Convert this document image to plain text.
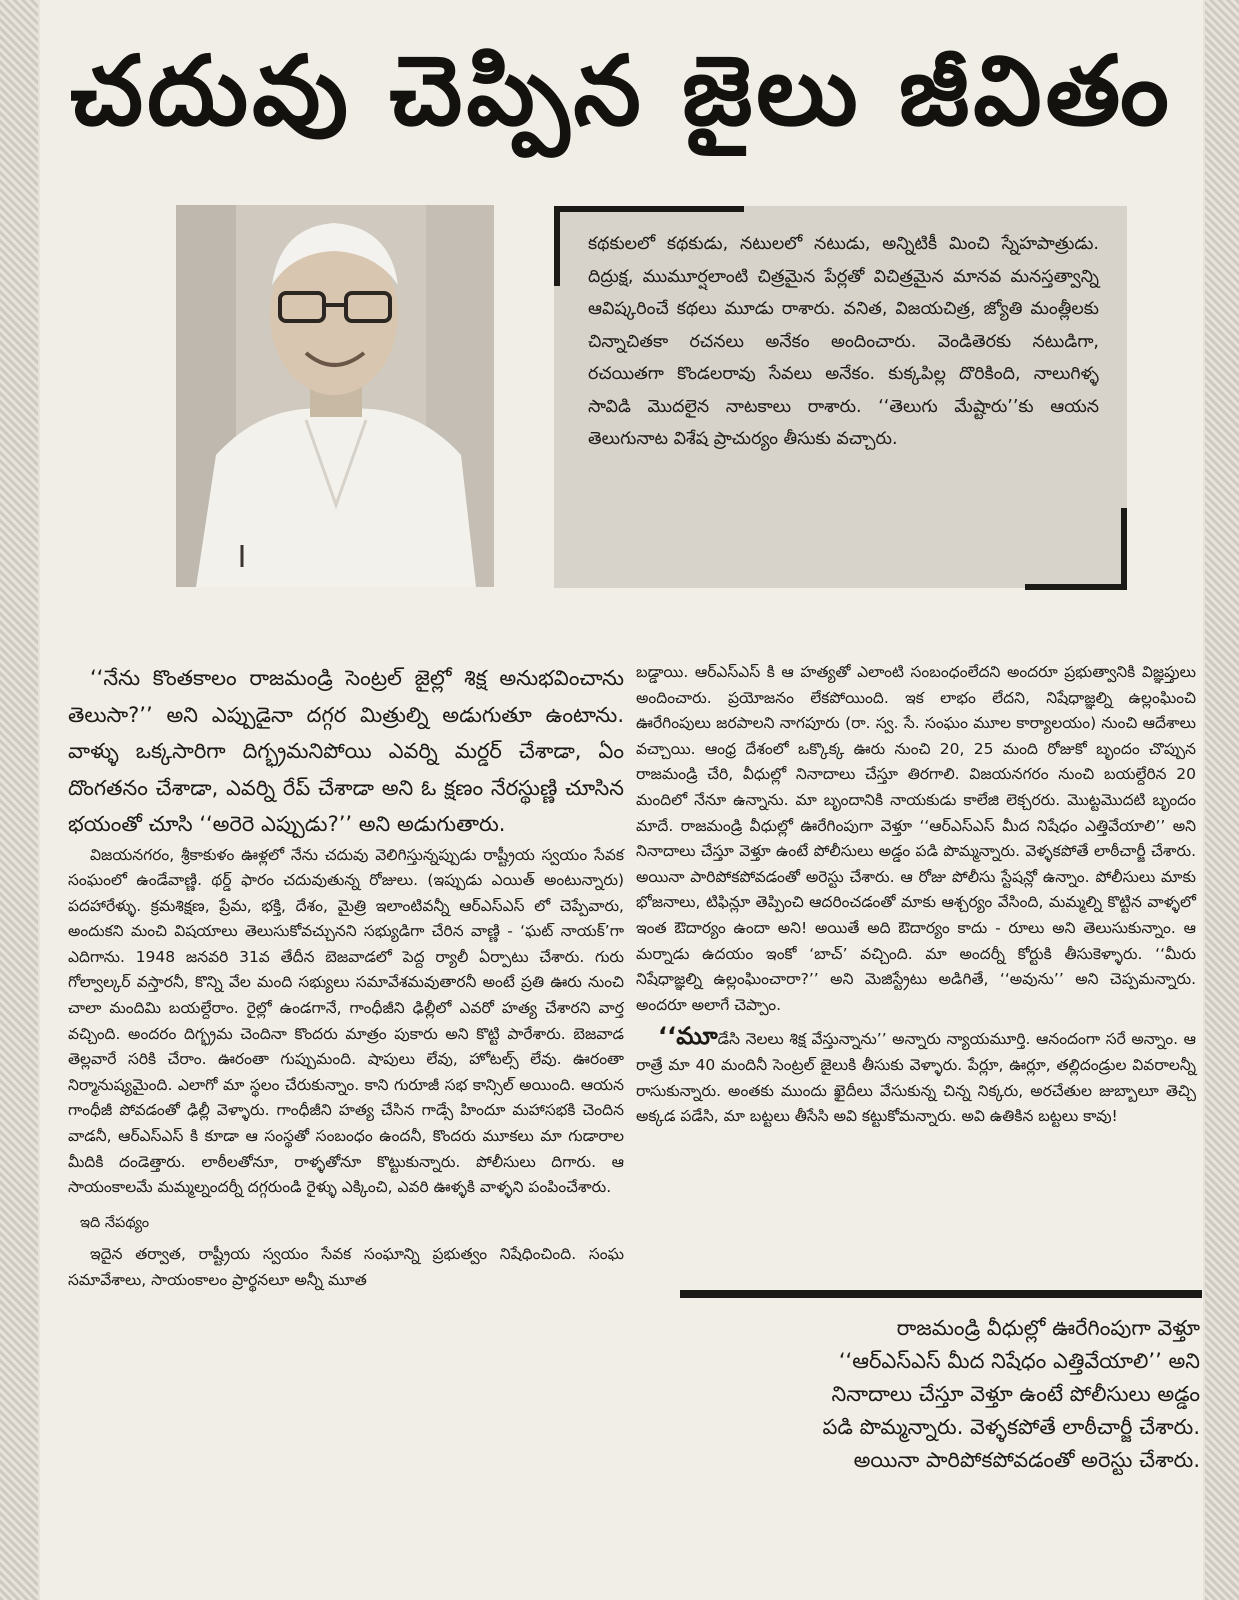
చదువు చెప్పిన జైలు జీవితం

కథకులలో కథకుడు, నటులలో నటుడు, అన్నిటికీ మించి స్నేహపాత్రుడు. దిద్రుక్ష, ముమూర్షలాంటి చిత్రమైన పేర్లతో విచిత్రమైన మానవ మనస్తత్వాన్ని ఆవిష్కరించే కథలు మూడు రాశారు. వనిత, విజయచిత్ర, జ్యోతి మంత్లీలకు చిన్నాచితకా రచనలు అనేకం అందించారు. వెండితెరకు నటుడిగా, రచయితగా కొండలరావు సేవలు అనేకం. కుక్కపిల్ల దొరికింది, నాలుగిళ్ళ సావిడి మొదలైన నాటకాలు రాశారు. ‘‘తెలుగు మేష్టారు’’కు ఆయన తెలుగునాట విశేష ప్రాచుర్యం తీసుకు వచ్చారు.

‘‘నేను కొంతకాలం రాజమండ్రి సెంట్రల్ జైల్లో శిక్ష అనుభవించాను తెలుసా?’’ అని ఎప్పుడైనా దగ్గర మిత్రుల్ని అడుగుతూ ఉంటాను. వాళ్ళు ఒక్కసారిగా దిగ్భ్రమనిపోయి ఎవర్ని మర్డర్ చేశాడా, ఏం దొంగతనం చేశాడా, ఎవర్ని రేప్ చేశాడా అని ఓ క్షణం నేరస్థుణ్ణి చూసిన భయంతో చూసి ‘‘అరెరె ఎప్పుడు?’’ అని అడుగుతారు.

విజయనగరం, శ్రీకాకుళం ఊళ్లలో నేను చదువు వెలిగిస్తున్నప్పుడు రాష్ట్రీయ స్వయం సేవక సంఘంలో ఉండేవాణ్ణి. థర్డ్ ఫారం చదువుతున్న రోజులు. (ఇప్పుడు ఎయిత్ అంటున్నారు) పదహారేళ్ళు. క్రమశిక్షణ, ప్రేమ, భక్తి, దేశం, మైత్రి ఇలాంటివన్నీ ఆర్ఎస్ఎస్ లో చెప్పేవారు, అందుకని మంచి విషయాలు తెలుసుకోవచ్చునని సభ్యుడిగా చేరిన వాణ్ణి - ‘ఘట్ నాయక్’గా ఎదిగాను. 1948 జనవరి 31వ తేదీన బెజవాడలో పెద్ద ర్యాలీ ఏర్పాటు చేశారు. గురు గోల్వాల్కర్ వస్తారనీ, కొన్ని వేల మంది సభ్యులు సమావేశమవుతారనీ అంటే ప్రతి ఊరు నుంచి చాలా మందిమి బయల్దేరాం. రైల్లో ఉండగానే, గాంధీజీని ఢిల్లీలో ఎవరో హత్య చేశారని వార్త వచ్చింది. అందరం దిగ్భ్రమ చెందినా కొందరు మాత్రం పుకారు అని కొట్టి పారేశారు. బెజవాడ తెల్లవారే సరికి చేరాం. ఊరంతా గుప్పుమంది. షాపులు లేవు, హోటల్స్ లేవు. ఊరంతా నిర్మానుష్యమైంది. ఎలాగో మా స్థలం చేరుకున్నాం. కాని గురూజీ సభ కాన్సిల్ అయింది. ఆయన గాంధీజీ పోవడంతో ఢిల్లీ వెళ్ళారు. గాంధీజీని హత్య చేసిన గాడ్సే హిందూ మహాసభకి చెందిన వాడనీ, ఆర్ఎస్ఎస్ కి కూడా ఆ సంస్థతో సంబంధం ఉందనీ, కొందరు మూకలు మా గుడారాల మీదికి దండెత్తారు. లాఠీలతోనూ, రాళ్ళతోనూ కొట్టుకున్నారు. పోలీసులు దిగారు. ఆ సాయంకాలమే మమ్మల్నందర్నీ దగ్గరుండి రైళ్ళు ఎక్కించి, ఎవరి ఊళ్ళకి వాళ్ళని పంపించేశారు.

ఇది నేపథ్యం

ఇదైన తర్వాత, రాష్ట్రీయ స్వయం సేవక సంఘాన్ని ప్రభుత్వం నిషేధించింది. సంఘ సమావేశాలు, సాయంకాలం ప్రార్థనలూ అన్నీ మూత

బడ్డాయి. ఆర్ఎస్ఎస్ కి ఆ హత్యతో ఎలాంటి సంబంధంలేదని అందరూ ప్రభుత్వానికి విజ్ఞప్తులు అందించారు. ప్రయోజనం లేకపోయింది. ఇక లాభం లేదని, నిషేధాజ్ఞల్ని ఉల్లంఘించి ఊరేగింపులు జరపాలని నాగపూరు (రా. స్వ. సే. సంఘం మూల కార్యాలయం) నుంచి ఆదేశాలు వచ్చాయి. ఆంధ్ర దేశంలో ఒక్కొక్క ఊరు నుంచి 20, 25 మంది రోజుకో బృందం చొప్పున రాజమండ్రి చేరి, వీధుల్లో నినాదాలు చేస్తూ తిరగాలి. విజయనగరం నుంచి బయల్దేరిన 20 మందిలో నేనూ ఉన్నాను. మా బృందానికి నాయకుడు కాలేజి లెక్చరరు. మొట్టమొదటి బృందం మాదే. రాజమండ్రి వీధుల్లో ఊరేగింపుగా వెళ్తూ ‘‘ఆర్ఎస్ఎస్ మీద నిషేధం ఎత్తివేయాలి’’ అని నినాదాలు చేస్తూ వెళ్తూ ఉంటే పోలీసులు అడ్డం పడి పొమ్మన్నారు. వెళ్ళకపోతే లాఠీచార్జీ చేశారు. అయినా పారిపోకపోవడంతో అరెస్టు చేశారు. ఆ రోజు పోలీసు స్టేషన్లో ఉన్నాం. పోలీసులు మాకు భోజనాలు, టిఫిన్లూ తెప్పించి ఆదరించడంతో మాకు ఆశ్చర్యం వేసింది, మమ్మల్ని కొట్టిన వాళ్ళలో ఇంత ఔదార్యం ఉందా అని! అయితే అది ఔదార్యం కాదు - రూలు అని తెలుసుకున్నాం. ఆ మర్నాడు ఉదయం ఇంకో ‘బాచ్’ వచ్చింది. మా అందర్నీ కోర్టుకి తీసుకెళ్ళారు. ‘‘మీరు నిషేధాజ్ఞల్ని ఉల్లంఘించారా?’’ అని మెజిస్ట్రేటు అడిగితే, ‘‘అవును’’ అని చెప్పమన్నారు. అందరూ అలాగే చెప్పాం.

‘‘మూడేసి నెలలు శిక్ష వేస్తున్నాను’’ అన్నారు న్యాయమూర్తి. ఆనందంగా సరే అన్నాం. ఆ రాత్రే మా 40 మందినీ సెంట్రల్ జైలుకి తీసుకు వెళ్ళారు. పేర్లూ, ఊర్లూ, తల్లిదండ్రుల వివరాలన్నీ రాసుకున్నారు. అంతకు ముందు ఖైదీలు వేసుకున్న చిన్న నిక్కరు, అరచేతుల జుబ్బాలూ తెచ్చి అక్కడ పడేసి, మా బట్టలు తీసేసి అవి కట్టుకోమన్నారు. అవి ఉతికిన బట్టలు కావు!

రాజమండ్రి వీధుల్లో ఊరేగింపుగా వెళ్తూ

‘‘ఆర్ఎస్ఎస్ మీద నిషేధం ఎత్తివేయాలి’’ అని

నినాదాలు చేస్తూ వెళ్తూ ఉంటే పోలీసులు అడ్డం

పడి పొమ్మన్నారు. వెళ్ళకపోతే లాఠీచార్జీ చేశారు.

అయినా పారిపోకపోవడంతో అరెస్టు చేశారు.
